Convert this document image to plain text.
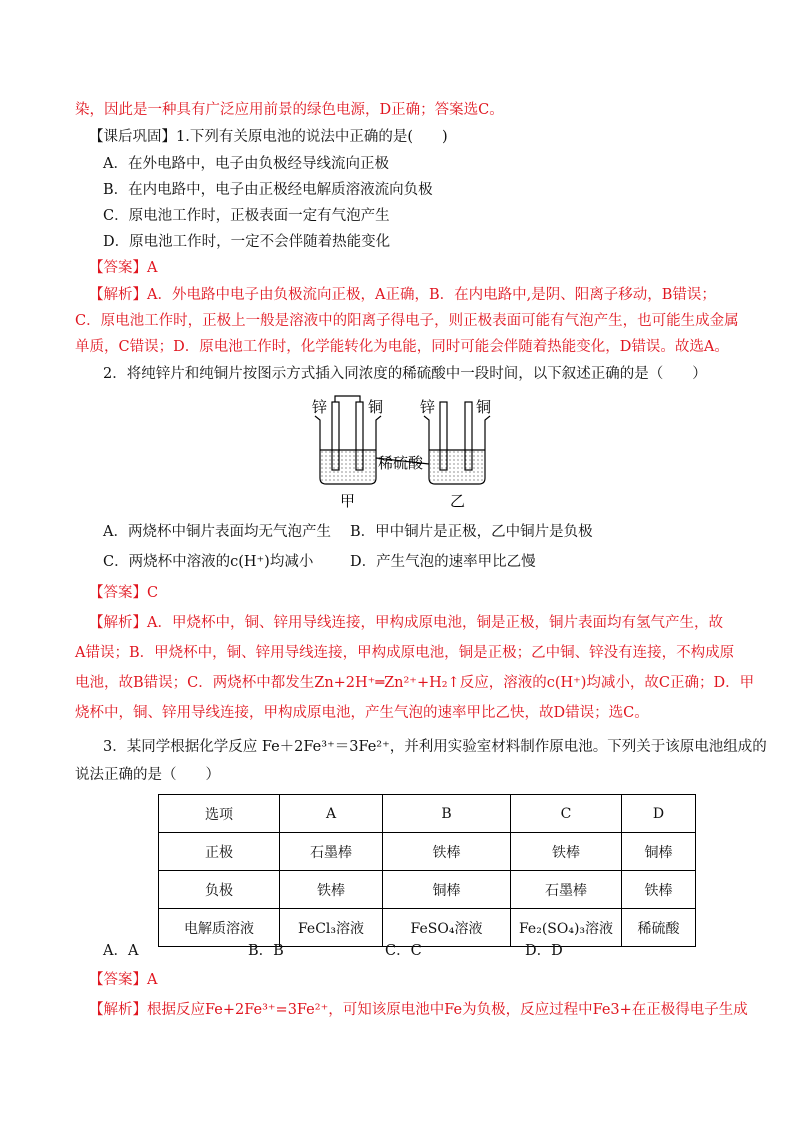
染，因此是一种具有广泛应用前景的绿色电源，D正确；答案选C。
【课后巩固】1.下列有关原电池的说法中正确的是(　　)
A．在外电路中，电子由负极经导线流向正极
B．在内电路中，电子由正极经电解质溶液流向负极
C．原电池工作时，正极表面一定有气泡产生
D．原电池工作时，一定不会伴随着热能变化
【答案】A
【解析】A．外电路中电子由负极流向正极，A正确，B．在内电路中,是阴、阳离子移动，B错误；
C．原电池工作时，正极上一般是溶液中的阳离子得电子，则正极表面可能有气泡产生，也可能生成金属
单质，C错误；D．原电池工作时，化学能转化为电能，同时可能会伴随着热能变化，D错误。故选A。
2．将纯锌片和纯铜片按图示方式插入同浓度的稀硫酸中一段时间，以下叙述正确的是（　　）
锌	铜 锌	铜
稀硫酸
甲	乙
A．两烧杯中铜片表面均无气泡产生 B．甲中铜片是正极，乙中铜片是负极
C．两烧杯中溶液的c(H⁺)均减小	D．产生气泡的速率甲比乙慢
【答案】C
【解析】A．甲烧杯中，铜、锌用导线连接，甲构成原电池，铜是正极，铜片表面均有氢气产生，故
A错误；B．甲烧杯中，铜、锌用导线连接，甲构成原电池，铜是正极；乙中铜、锌没有连接，不构成原
电池，故B错误；C．两烧杯中都发生Zn+2H⁺═Zn²⁺+H₂↑反应，溶液的c(H⁺)均减小，故C正确；D．甲
烧杯中，铜、锌用导线连接，甲构成原电池，产生气泡的速率甲比乙快，故D错误；选C。
3．某同学根据化学反应 Fe＋2Fe³⁺＝3Fe²⁺，并利用实验室材料制作原电池。下列关于该原电池组成的
说法正确的是（　　）
选项	A	B	C	D
正极	石墨棒	铁棒	铁棒	铜棒
负极	铁棒	铜棒	石墨棒	铁棒
电解质溶液	FeCl₃溶液	FeSO₄溶液	Fe₂(SO₄)₃溶液	稀硫酸
A．A	B．B	C．C	D．D
【答案】A
【解析】根据反应Fe+2Fe³⁺=3Fe²⁺，可知该原电池中Fe为负极，反应过程中Fe3+在正极得电子生成
